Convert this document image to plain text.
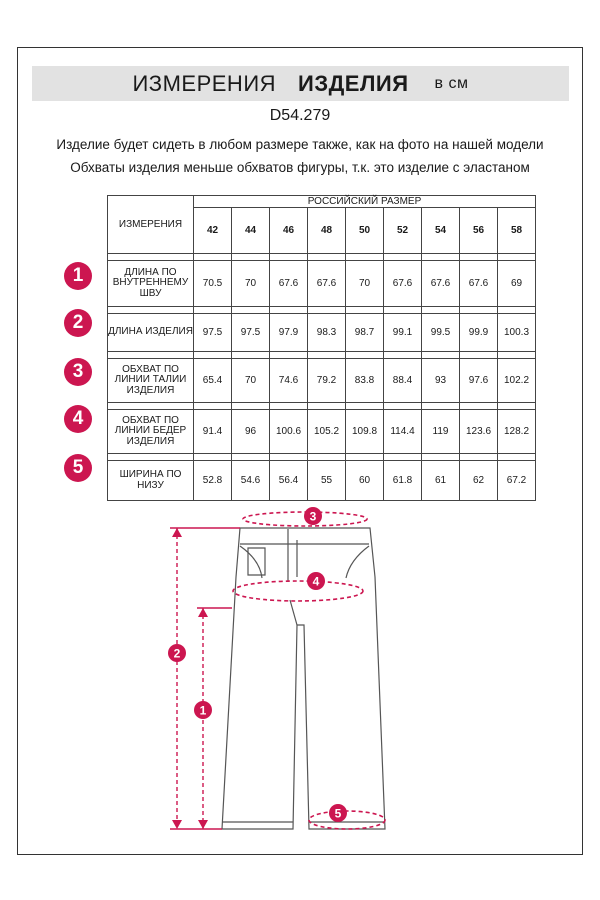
ИЗМЕРЕНИЯ ИЗДЕЛИЯ в см
D54.279
Изделие будет сидеть в любом размере также, как на фото на нашей модели
Обхваты изделия меньше обхватов фигуры, т.к. это изделие с эластаном
ИЗМЕРЕНИЯ	РОССИЙСКИЙ РАЗМЕР								
	42	44	46	48	50	52	54	56	58

ДЛИНА ПО
ВНУТРЕННЕМУ
ШВУ	70.5	70	67.6	67.6	70	67.6	67.6	67.6	69

ДЛИНА ИЗДЕЛИЯ	97.5	97.5	97.9	98.3	98.7	99.1	99.5	99.9	100.3

ОБХВАТ ПО
ЛИНИИ ТАЛИИ
ИЗДЕЛИЯ	65.4	70	74.6	79.2	83.8	88.4	93	97.6	102.2

ОБХВАТ ПО
ЛИНИИ БЕДЕР
ИЗДЕЛИЯ	91.4	96	100.6	105.2	109.8	114.4	119	123.6	128.2

ШИРИНА ПО
НИЗУ	52.8	54.6	56.4	55	60	61.8	61	62	67.2
1
2
3
4
5
1
2
3
4
5
